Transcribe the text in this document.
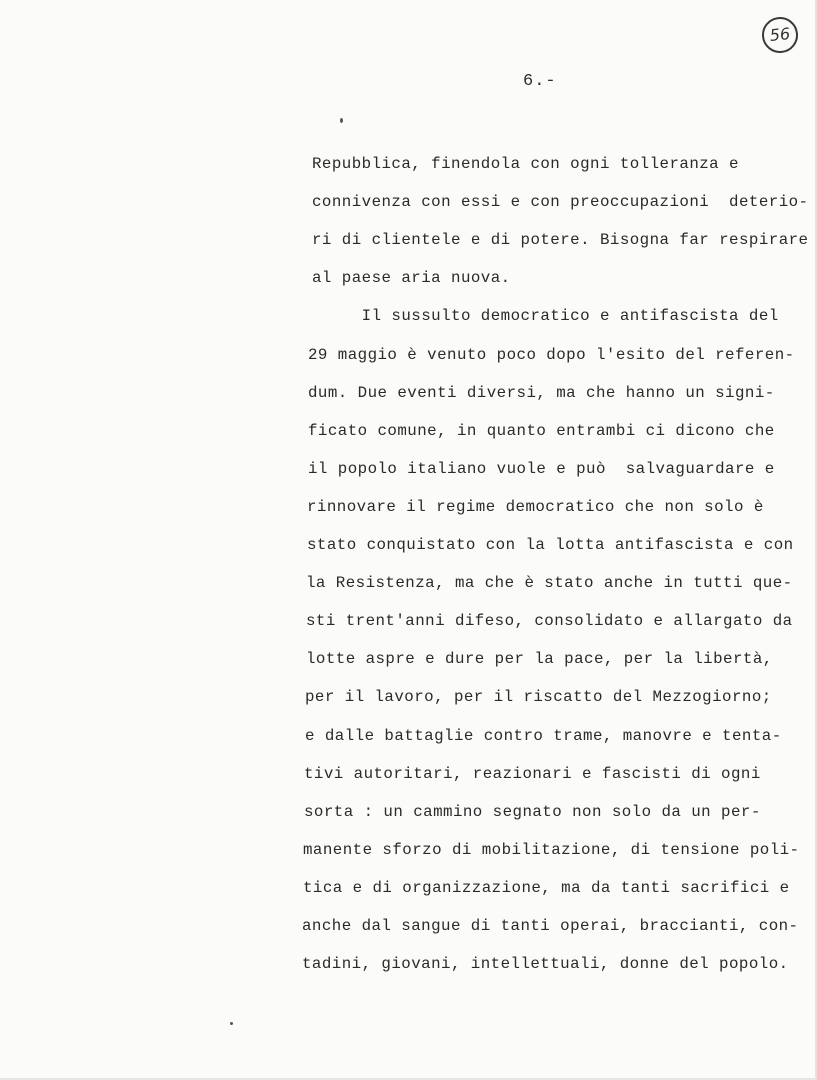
56
6.-
Repubblica, finendola con ogni tolleranza e
connivenza con essi e con preoccupazioni  deterio-
ri di clientele e di potere. Bisogna far respirare
al paese aria nuova.
Il sussulto democratico e antifascista del
29 maggio è venuto poco dopo l'esito del referen-
dum. Due eventi diversi, ma che hanno un signi-
ficato comune, in quanto entrambi ci dicono che
il popolo italiano vuole e può  salvaguardare e
rinnovare il regime democratico che non solo è
stato conquistato con la lotta antifascista e con
la Resistenza, ma che è stato anche in tutti que-
sti trent'anni difeso, consolidato e allargato da
lotte aspre e dure per la pace, per la libertà,
per il lavoro, per il riscatto del Mezzogiorno;
e dalle battaglie contro trame, manovre e tenta-
tivi autoritari, reazionari e fascisti di ogni
sorta : un cammino segnato non solo da un per-
manente sforzo di mobilitazione, di tensione poli-
tica e di organizzazione, ma da tanti sacrifici e
anche dal sangue di tanti operai, braccianti, con-
tadini, giovani, intellettuali, donne del popolo.
